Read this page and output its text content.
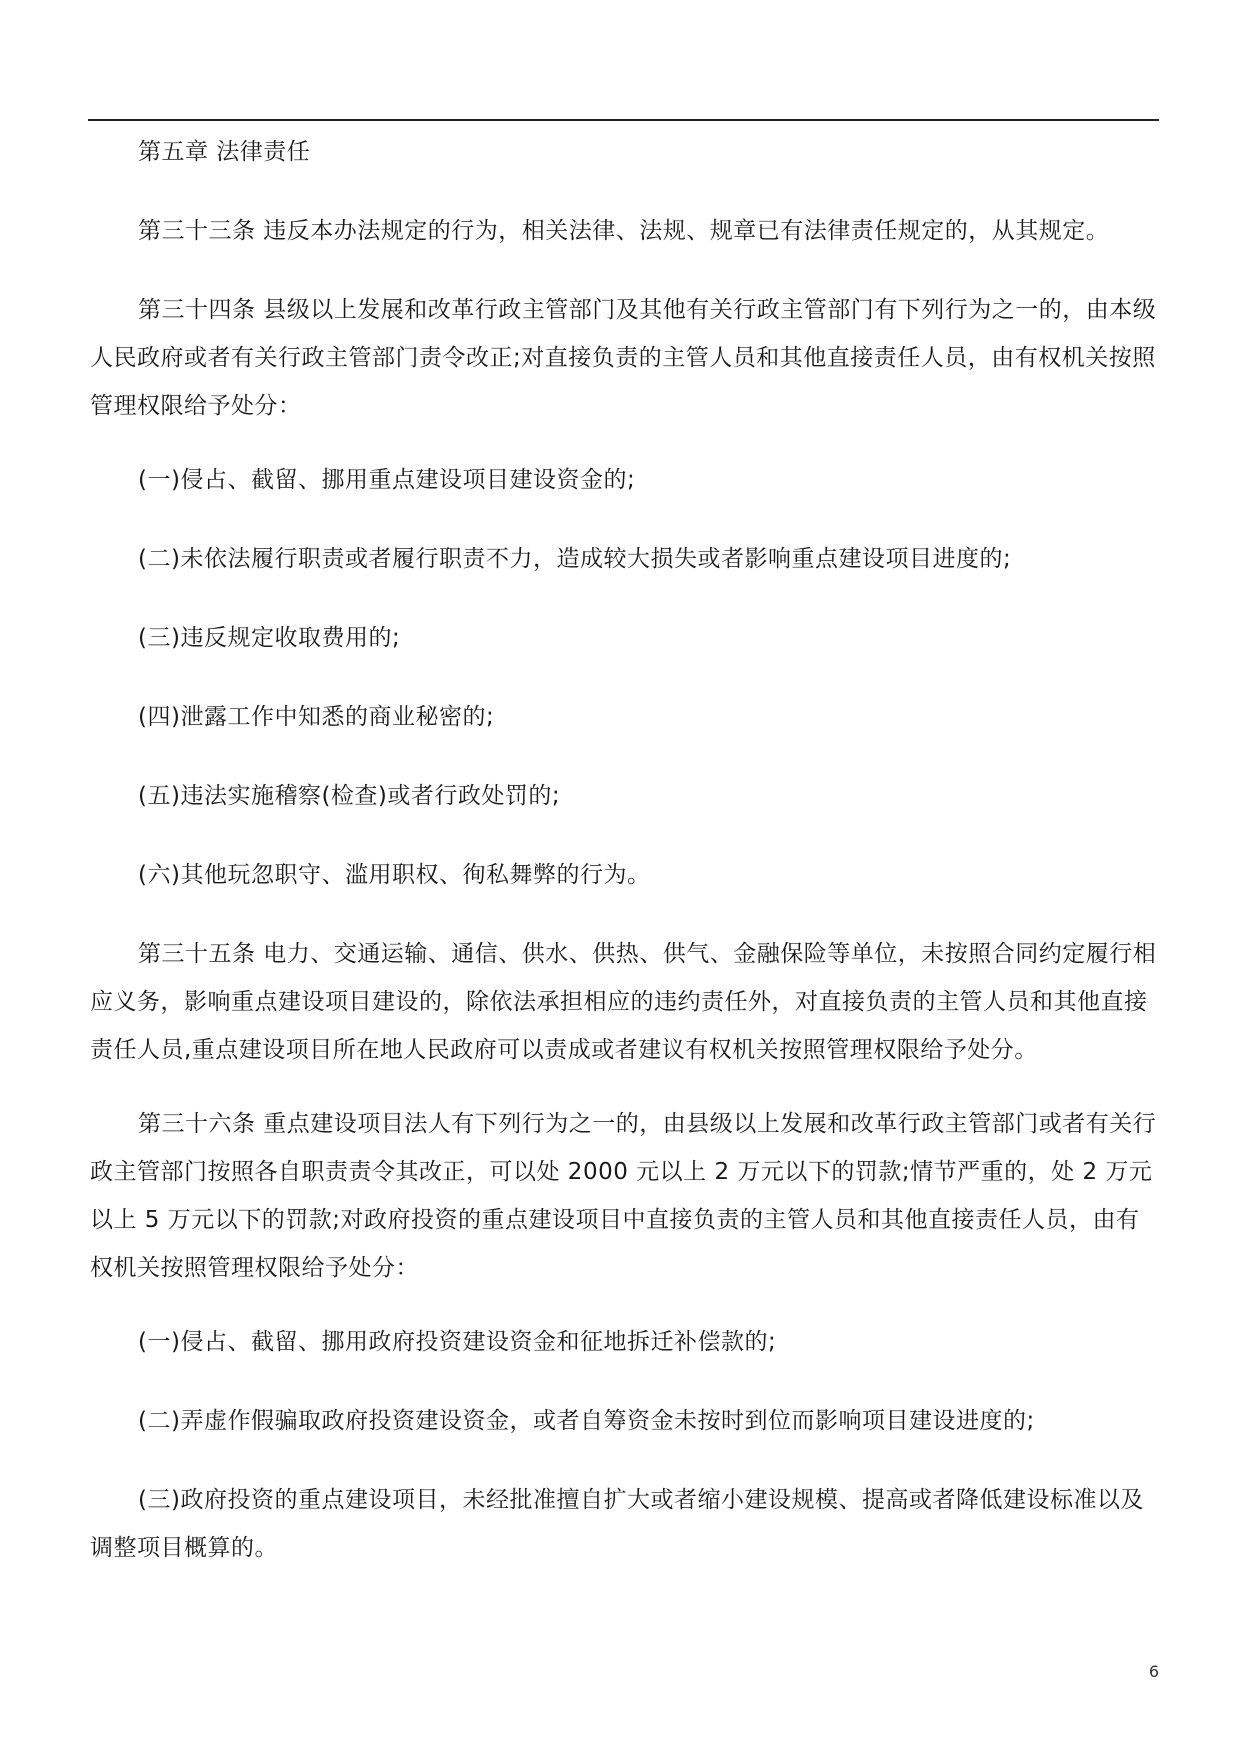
第五章 法律责任

第三十三条 违反本办法规定的行为，相关法律、法规、规章已有法律责任规定的，从其规定。

第三十四条 县级以上发展和改革行政主管部门及其他有关行政主管部门有下列行为之一的，由本级人民政府或者有关行政主管部门责令改正;对直接负责的主管人员和其他直接责任人员，由有权机关按照管理权限给予处分：

(一)侵占、截留、挪用重点建设项目建设资金的;

(二)未依法履行职责或者履行职责不力，造成较大损失或者影响重点建设项目进度的;

(三)违反规定收取费用的;

(四)泄露工作中知悉的商业秘密的;

(五)违法实施稽察(检查)或者行政处罚的;

(六)其他玩忽职守、滥用职权、徇私舞弊的行为。

第三十五条 电力、交通运输、通信、供水、供热、供气、金融保险等单位，未按照合同约定履行相应义务，影响重点建设项目建设的，除依法承担相应的违约责任外，对直接负责的主管人员和其他直接责任人员,重点建设项目所在地人民政府可以责成或者建议有权机关按照管理权限给予处分。

第三十六条 重点建设项目法人有下列行为之一的，由县级以上发展和改革行政主管部门或者有关行政主管部门按照各自职责责令其改正，可以处 2000 元以上 2 万元以下的罚款;情节严重的，处 2 万元以上 5 万元以下的罚款;对政府投资的重点建设项目中直接负责的主管人员和其他直接责任人员，由有权机关按照管理权限给予处分：

(一)侵占、截留、挪用政府投资建设资金和征地拆迁补偿款的;

(二)弄虚作假骗取政府投资建设资金，或者自筹资金未按时到位而影响项目建设进度的;

(三)政府投资的重点建设项目，未经批准擅自扩大或者缩小建设规模、提高或者降低建设标准以及调整项目概算的。

6
